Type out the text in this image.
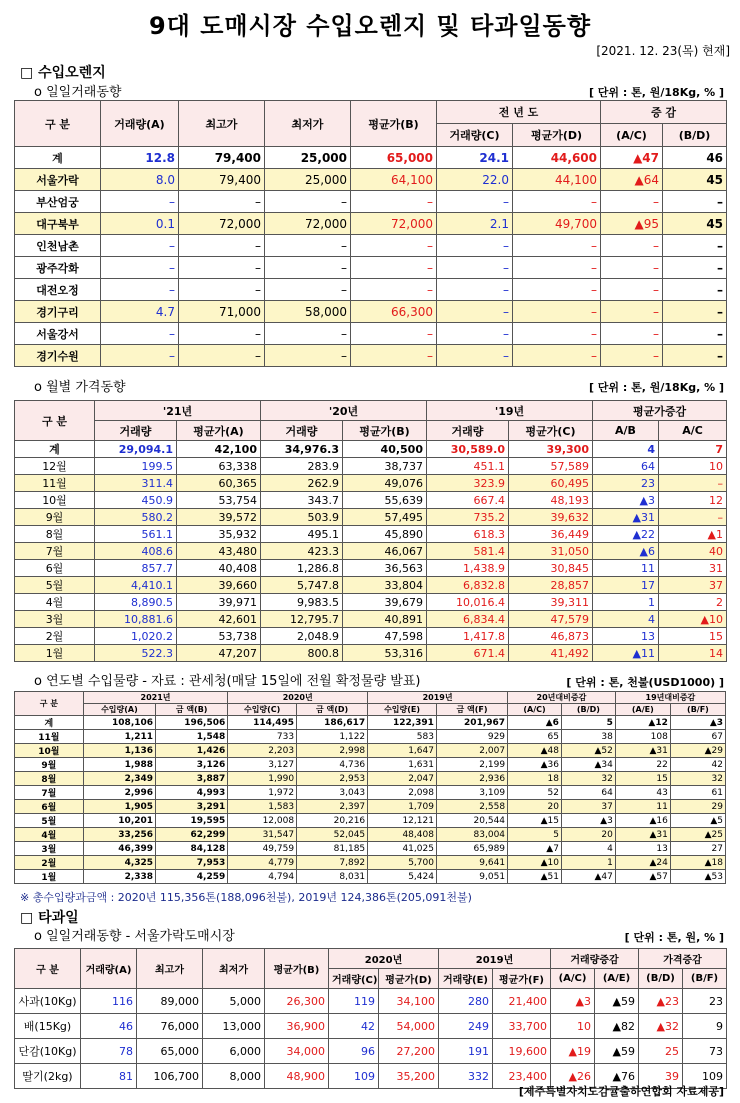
9대 도매시장 수입오렌지 및 타과일동향
[2021. 12. 23(목) 현재]
□ 수입오렌지
o 일일거래동향	[ 단위 : 톤, 원/18Kg, % ]
구 분	거래량(A)	최고가	최저가	평균가(B)	전 년 도		증 감	
					거래량(C)	평균가(D)	(A/C)	(B/D)
계	12.8	79,400	25,000	65,000	24.1	44,600	▲47	46
서울가락	8.0	79,400	25,000	64,100	22.0	44,100	▲64	45
부산엄궁	–	–	–	–	–	–	–	–
대구북부	0.1	72,000	72,000	72,000	2.1	49,700	▲95	45
인천남촌	–	–	–	–	–	–	–	–
광주각화	–	–	–	–	–	–	–	–
대전오정	–	–	–	–	–	–	–	–
경기구리	4.7	71,000	58,000	66,300	–	–	–	–
서울강서	–	–	–	–	–	–	–	–
경기수원	–	–	–	–	–	–	–	–
o 월별 가격동향	[ 단위 : 톤, 원/18Kg, % ]
구 분	'21년		'20년		'19년		평균가증감	
	거래량	평균가(A)	거래량	평균가(B)	거래량	평균가(C)	A/B	A/C
계	29,094.1	42,100	34,976.3	40,500	30,589.0	39,300	4	7
12월	199.5	63,338	283.9	38,737	451.1	57,589	64	10
11월	311.4	60,365	262.9	49,076	323.9	60,495	23	–
10월	450.9	53,754	343.7	55,639	667.4	48,193	▲3	12
9월	580.2	39,572	503.9	57,495	735.2	39,632	▲31	–
8월	561.1	35,932	495.1	45,890	618.3	36,449	▲22	▲1
7월	408.6	43,480	423.3	46,067	581.4	31,050	▲6	40
6월	857.7	40,408	1,286.8	36,563	1,438.9	30,845	11	31
5월	4,410.1	39,660	5,747.8	33,804	6,832.8	28,857	17	37
4월	8,890.5	39,971	9,983.5	39,679	10,016.4	39,311	1	2
3월	10,881.6	42,601	12,795.7	40,891	6,834.4	47,579	4	▲10
2월	1,020.2	53,738	2,048.9	47,598	1,417.8	46,873	13	15
1월	522.3	47,207	800.8	53,316	671.4	41,492	▲11	14
o 연도별 수입물량 - 자료 : 관세청(매달 15일에 전월 확정물량 발표)	[ 단위 : 톤, 천불(USD1000) ]
구 분	2021년		2020년		2019년		20년대비증감		19년대비증감	
	수입량(A)	금 액(B)	수입량(C)	금 액(D)	수입량(E)	금 액(F)	(A/C)	(B/D)	(A/E)	(B/F)
계	108,106	196,506	114,495	186,617	122,391	201,967	▲6	5	▲12	▲3
11월	1,211	1,548	733	1,122	583	929	65	38	108	67
10월	1,136	1,426	2,203	2,998	1,647	2,007	▲48	▲52	▲31	▲29
9월	1,988	3,126	3,127	4,736	1,631	2,199	▲36	▲34	22	42
8월	2,349	3,887	1,990	2,953	2,047	2,936	18	32	15	32
7월	2,996	4,993	1,972	3,043	2,098	3,109	52	64	43	61
6월	1,905	3,291	1,583	2,397	1,709	2,558	20	37	11	29
5월	10,201	19,595	12,008	20,216	12,121	20,544	▲15	▲3	▲16	▲5
4월	33,256	62,299	31,547	52,045	48,408	83,004	5	20	▲31	▲25
3월	46,399	84,128	49,759	81,185	41,025	65,989	▲7	4	13	27
2월	4,325	7,953	4,779	7,892	5,700	9,641	▲10	1	▲24	▲18
1월	2,338	4,259	4,794	8,031	5,424	9,051	▲51	▲47	▲57	▲53
※ 총수입량과금액 : 2020년 115,356톤(188,096천불), 2019년 124,386톤(205,091천불)
□ 타과일
o 일일거래동향 - 서울가락도매시장	[ 단위 : 톤, 원, % ]
구 분	거래량(A)	최고가	최저가	평균가(B)	2020년		2019년		거래량증감		가격증감	
					거래량(C)	평균가(D)	거래량(E)	평균가(F)	(A/C)	(A/E)	(B/D)	(B/F)
사과(10Kg)	116	89,000	5,000	26,300	119	34,100	280	21,400	▲3	▲59	▲23	23
배(15Kg)	46	76,000	13,000	36,900	42	54,000	249	33,700	10	▲82	▲32	9
단감(10Kg)	78	65,000	6,000	34,000	96	27,200	191	19,600	▲19	▲59	25	73
딸기(2kg)	81	106,700	8,000	48,900	109	35,200	332	23,400	▲26	▲76	39	109
[제주특별자치도감귤출하연합회 자료제공]
